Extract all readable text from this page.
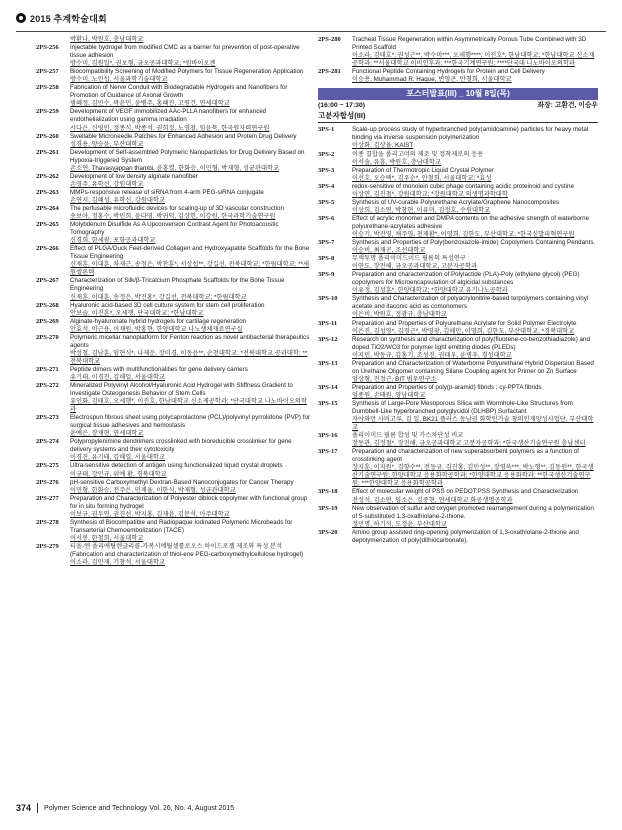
2015 추계학술대회
박환나, 박원호, 충남대학교
2PS-256	Injectable hydrogel from modified CMC as a barrier for prevention of post-operative tissue adhesion
방수미, 김원일*, 권오형, 금오공과대학교; *원바이오젠
2PS-257	Biocompatibility Screening of Modified Polymers for Tissue Regeneration Application
방수미, 노인섭, 서울과학기술대학교
2PS-258	Fabrication of Nerve Conduit with Biodegradable Hydrogels and Nanofibers for Promotion of Guidance of Axonal Growth
범혜정, 김민수, 곽윤민, 윤병주, 홍혜진, 고원건, 연세대학교
2PS-259	Development of VEGF immobilized AAc-PLLA nanofibers for enhanced endothelialization using gamma irradiation
서다은, 신영민, 정종식, 박종석, 권희정, 노영창, 임윤묵, 한국원자력연구원
2PS-260	Swellable Microneedle Patches for Enhanced Adhesion and Protein Drug Delivery
성경용, 양승윤, 부산대학교
2PS-261	Development of Self-assembled Polymeric Nanoparticles for Drug Delivery Based on Hypoxia-triggered System
손소연, Thavasyappan thambi, 윤홍열, 한화승, 이민형, 박재형, 성균관대학교
2PS-262	Development of low density alginate nanofiber
손영주, 유학신, 강원대학교
2PS-263	MMPs-responsive release of siRNA from 4-arm PEG-siRNA conjugate
손연지, 김혜성, 유학신, 강원대학교
2PS-264	The perfusable microfluidic devices for scaling-up of 3D vascular construction
송보아, 정홍수, 박민희, 윤다영, 박귀덕, 김상헌, 이강원, 한국과학기술연구원
2PS-265	Molybdenum Disulfide As A Upconversion Contrast Agent for Photoacoustic Tomography
신경희, 한세광, 포항공과대학교
2PS-266	Effect of PLGA/Duck Feet-derived Collagen and Hydroxyapatite Scaffolds for the Bone Tissue Engineering
신재훈, 이대훈, 차재근, 송정은, 박찬훈*, 서상섭**, 강길선, 전북대학교; *한림대학교; **세원셀론텍
2PS-267	Characterization of Silk/β-Tricalcium Phosphate Scaffolds for the Bone Tissue Engineering
신재훈, 이대훈, 송정은, 박진홍*, 강길선, 전북대학교; *한림대학교
2PS-268	Hyaluronic acid-based 3D cell culture system for stem cell proliferation
안보슬, 이진혼*, 오세행, 단국대학교; *한남대학교
2PS-269	Alginate-hyaluronate hybrid hydrogels for cartilage regeneration
안효석, 이근용, 이재원, 박홍현, 한양대학교 나노생체재료연구실
2PS-270	Polymeric micellar nanoplatform for Fenton reaction as novel antibacterial therapeutics agents
박성철, 김남훈, 임현식*, 나재운, 장미경, 이동윤**, 순천대학교; *전북대학교 공과대학; **전북대학교
2PS-271	Peptide dimers with multifunctionalities for gene delivery carriers
유기태, 이경진, 김해일, 서울대학교
2PS-272	Mineralized Polyvinyl Alcohol/Hyaluronic Acid Hydrogel with Stiffness Gradient to Investigate Osteogenesis Behavior of Stem Cells
유인화, 김태호, 오세행*, 이진호, 한남대학교 신소재공학과; *단국대학교 나노바이오의학과
2PS-273	Electrospun fibrous sheet using polycaprolactone (PCL)/polyvinyl pyrrolidone (PVP) for surgical tissue adhesives and hemostasis
윤예은, 장재현, 연세대학교
2PS-274	Polypropylenimine dendrimers crosslinked with bioreducible crosslinker for gene delivery systems and their cytotoxicity
이경진, 유기태, 김해일, 서울대학교
2PS-275	Ultra-sensitive detection of antigen using functionalized liquid crystal droplets
이규태, 강민규, 위예 환, 경북대학교
2PS-276	pH-sensitive Carboxymethyl Dextran-Based Nanoconjugates for Cancer Therapy
이민형, 한화승, 전주은, 민재율, 이한식, 박재형, 성균관대학교
2PS-277	Preparation and Characterization of Polyester diblock copolymer with functional group for in situ forming hydrogel
이보규, 권두연, 권진선, 박지홍, 김재윤, 김문석, 아주대학교
2PS-278	Synthesis of Biocompatible and Radiopaque Iodinated Polymeric Microbeads for Transarterial Chemoembolization (TACE)
이서봉, 한철희, 서울대학교
2PS-279	티올-엔 폴리에틸렌글리콜-카복시메틸셀룰로오스 하이드로젤 제조와 특성 분석 (Fabrication and characterization of thiol-ene PEG-carboxymethylcellulose hydrogel)
이소라, 김민재, 기창석, 서울대학교
2PS-280	Tracheal Tissue Regeneration within Asymmetrically Porous Tube Combined with 3D Printed Scaffold
이소라, 김태호*, 권성근**, 박수미***, 오세행****, 이진호*, 한남대학교; *한남대학교 신소재공학과; **서울대학교 이비인후과; ***한국기계연구원; ****단국대 나노바이오의학과
2PS-281	Functional Peptide Containing Hydrogels for Protein and Cell Delivery
이승용, Muhammad R. Haque, 변영곤, 안철희, 서울대학교
포스터발표(III) _ 10월 8일(목)
(16:00 ~ 17:30)	좌장: 고환건, 이승우
고분자합성(III)
3PS-1	Scale-up process study of hyperbranched poly(amidoamine) particles for heavy metal binding via inverse suspension polymerization
이상화, 김상율, KAIST
3PS-2	이종 결합을 폴리고머의 제조 및 접착제로의 응용
이서솔, 유흥, 박원호, 충남대학교
3PS-3	Preparation of Thermotropic Liquid Crystal Polymer
이선호, 오승택*, 김우순*, 안철희, 서울대학교; *효성
3PS-4	redox-sensitive of monolein cubic phage containing acidic proteinoid and cystine
이상연, 김진철*, 강원대학교; *강원대학교 의생명과학대학
3PS-5	Synthesis of UV-curable Polyurethane Acrylate/Graphene Nanocomposites
이상희, 김소연, 박창현, 이유미, 김정호, 수원대학교
3PS-6	Effect of acrylic monomer and DMPA contents on the adhesive strength of waterborne polyurethane-acrylates adhesive
이승기, 박진영, 채주영, 천재환*, 이영희, 김한도, 부산대학교; *한국신발피혁연구원
3PS-7	Synthesis and Properties of Poly(benzoxazole-imide) Copolymers Containing Pendants.
이승비, 최재곤, 조선대학교
3PS-8	무색투명 폴리이미드이드 필름의 특성연구
이연도, 장진해, 금오공과대학교, 고분자공학과
3PS-9	Preparation and characterization of Polylactide (PLA)-Poly (ethylene glycol) (PEG) copolymers for Microencapsulation of algicidal substances
이유정, 김성훈*, 한양대학교; *한양대학교 유기나노공학과
3PS-10	Synthesis and Characterization of polyacrylonitrile-based terpolymers containing vinyl acetate and itaconic acid as comonomers
이은비, 박원호, 정광규, 충남대학교
3PS-11	Preparation and Properties of Polyurethane Acrylate for Solid Polymer Electrolyte
이은진, 김성영*, 김경근*, 박영광, 김해민, 이영희, 김한도, 부산대학교; *경북대학교
3PS-12	Research on synthesis and characterization of poly(fluorene-co-benzothiadiazole) and doped TiO2/WO3 for polymer light emitting diodes (PLEDs)
이지민, 박동규, 김홍기, 조성진, 권태우, 윤병우, 경성대학교
3PS-13	Preparation and Characterization of Waterborne Polyurethane Hybrid Dispersion Based on Urethane Oligomer containing Silane Coupling agent for Primer on Zn Surface
임상형, 진정근, BIT 범우연구소
3PS-14	Preparation and Properties of poly(p-aramid) fibrids ; cy-PPTA fibrids
임종원, 손태원, 영남대학교
3PS-15	Synthesis of Large-Pore Mesoporous Silica with Wormhole-Like Structures from Dumbbell-Like hyperbranched polyglycidol (DLHBP) Surfactant
자야와만 사비고루, 김 일, BK21 플러스 동남권 화학인가술 창의인재양성사업단, 부산대학교
3PS-16	폴리이미드 필름 합성 및 가스차단성 비교
장동관, 김정철*, 장진해, 금오공과대학교 고분자공학과; *한국생산기술연구원 충남센터
3PS-17	Preparation and characterization of new superabsorbent polymers as a function of crosslinking agent
장지훈, 이지원*, 김향수**, 전동규, 김진홍, 김민성**, 장영욱***, 박노형**, 김동원**, 한국생산기술연구원; 한양대학교 응용화학공학과; *한양대학교 응용화학과; **한국생산기술연구원; ***한양대학교 응용화학공학과
3PS-18	Effect of molecular weight of PSS on PEDOT:PSS Synthesis and Characterization
전성석, 김소연, 임소은, 김중현, 연세대학교 화공생명공학과
3PS-19	New observation of sulfur and oxygen promoted rearrangement during a polymerization of 5-substituted 1,3-oxathiolane-2-thione.
정민명, 하기석, 도정윤, 부산대학교
3PS-20	Amino group assisted ring-opening polymerization of 1,3-oxathiolane-2-thione and depolymerization of poly(dithiocarbonate).
374 Polymer Science and Technology Vol. 26, No. 4, August 2015
